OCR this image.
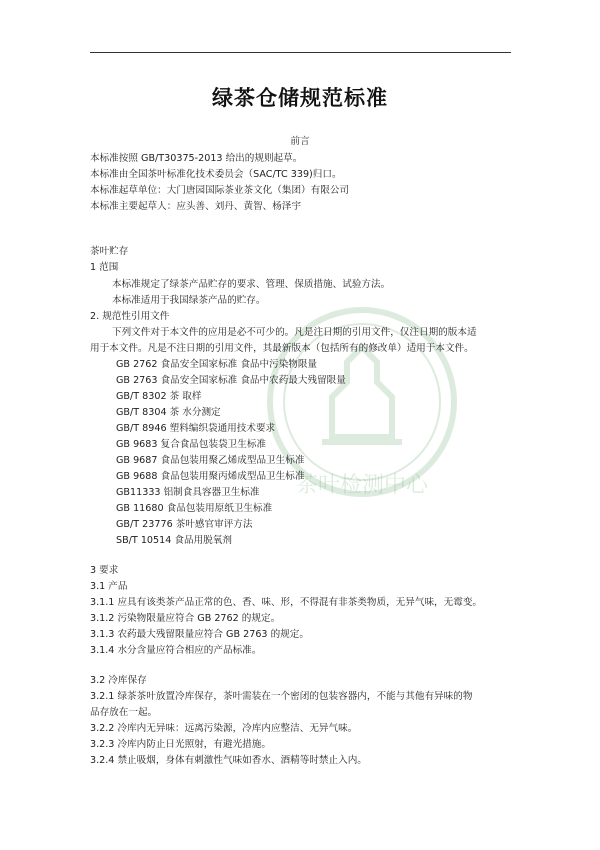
茶叶检测中心
绿茶仓储规范标准
前言
本标准按照 GB/T30375-2013 给出的规则起草。
本标准由全国茶叶标准化技术委员会（SAC/TC 339)归口。
本标准起草单位：大门唐园国际茶业茶文化（集团）有限公司
本标准主要起草人：应头善、刘丹、黄智、杨泽宇
茶叶贮存
1 范围
本标准规定了绿茶产品贮存的要求、管理、保质措施、试验方法。
本标准适用于我国绿茶产品的贮存。
2. 规范性引用文件
下列文件对于本文件的应用是必不可少的。凡是注日期的引用文件，仅注日期的版本适
用于本文件。凡是不注日期的引用文件，其最新版本（包括所有的修改单）适用于本文件。
GB 2762 食品安全国家标准 食品中污染物限量
GB 2763 食品安全国家标准 食品中农药最大残留限量
GB/T 8302 茶 取样
GB/T 8304 茶 水分测定
GB/T 8946 塑料编织袋通用技术要求
GB 9683 复合食品包装袋卫生标准
GB 9687 食品包装用聚乙烯成型品卫生标准
GB 9688 食品包装用聚丙烯成型品卫生标准
GB11333 铝制食具容器卫生标准
GB 11680 食品包装用原纸卫生标准
GB/T 23776 茶叶感官审评方法
SB/T 10514 食品用脱氧剂
3 要求
3.1 产品
3.1.1 应具有该类茶产品正常的色、香、味、形，不得混有非茶类物质，无异气味，无霉变。
3.1.2 污染物限量应符合 GB 2762 的规定。
3.1.3 农药最大残留限量应符合 GB 2763 的规定。
3.1.4 水分含量应符合相应的产品标准。
3.2 冷库保存
3.2.1 绿茶茶叶放置冷库保存，茶叶需装在一个密闭的包装容器内，不能与其他有异味的物
品存放在一起。
3.2.2 冷库内无异味：远离污染源，冷库内应整洁、无异气味。
3.2.3 冷库内防止日光照射，有避光措施。
3.2.4 禁止吸烟，身体有刺激性气味如香水、酒精等时禁止入内。
